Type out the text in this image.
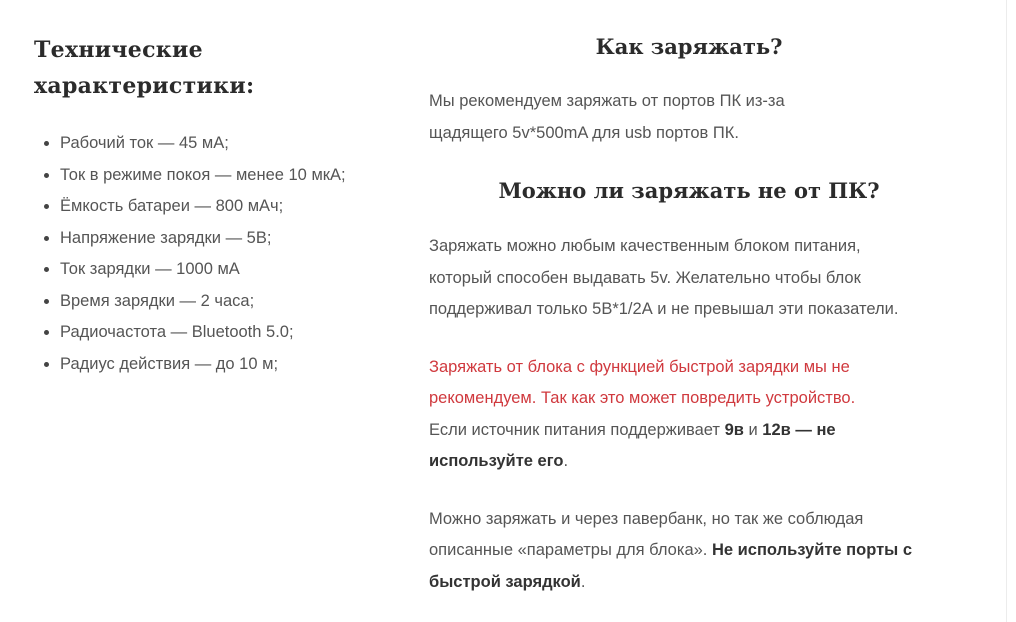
Технические
характеристики:
• Рабочий ток — 45 мА;
• Ток в режиме покоя — менее 10 мкА;
• Ёмкость батареи — 800 мАч;
• Напряжение зарядки — 5В;
• Ток зарядки — 1000 мА
• Время зарядки — 2 часа;
• Радиочастота — Bluetooth 5.0;
• Радиус действия — до 10 м;
Как заряжать?

Мы рекомендуем заряжать от портов ПК из-за
щадящего 5v*500mA для usb портов ПК.

Можно ли заряжать не от ПК?

Заряжать можно любым качественным блоком питания,
который способен выдавать 5v. Желательно чтобы блок
поддерживал только 5В*1/2А и не превышал эти показатели.

Заряжать от блока с функцией быстрой зарядки мы не
рекомендуем. Так как это может повредить устройство.
Если источник питания поддерживает 9в и 12в — не
используйте его.

Можно заряжать и через павербанк, но так же соблюдая
описанные «параметры для блока». Не используйте порты с
быстрой зарядкой.
